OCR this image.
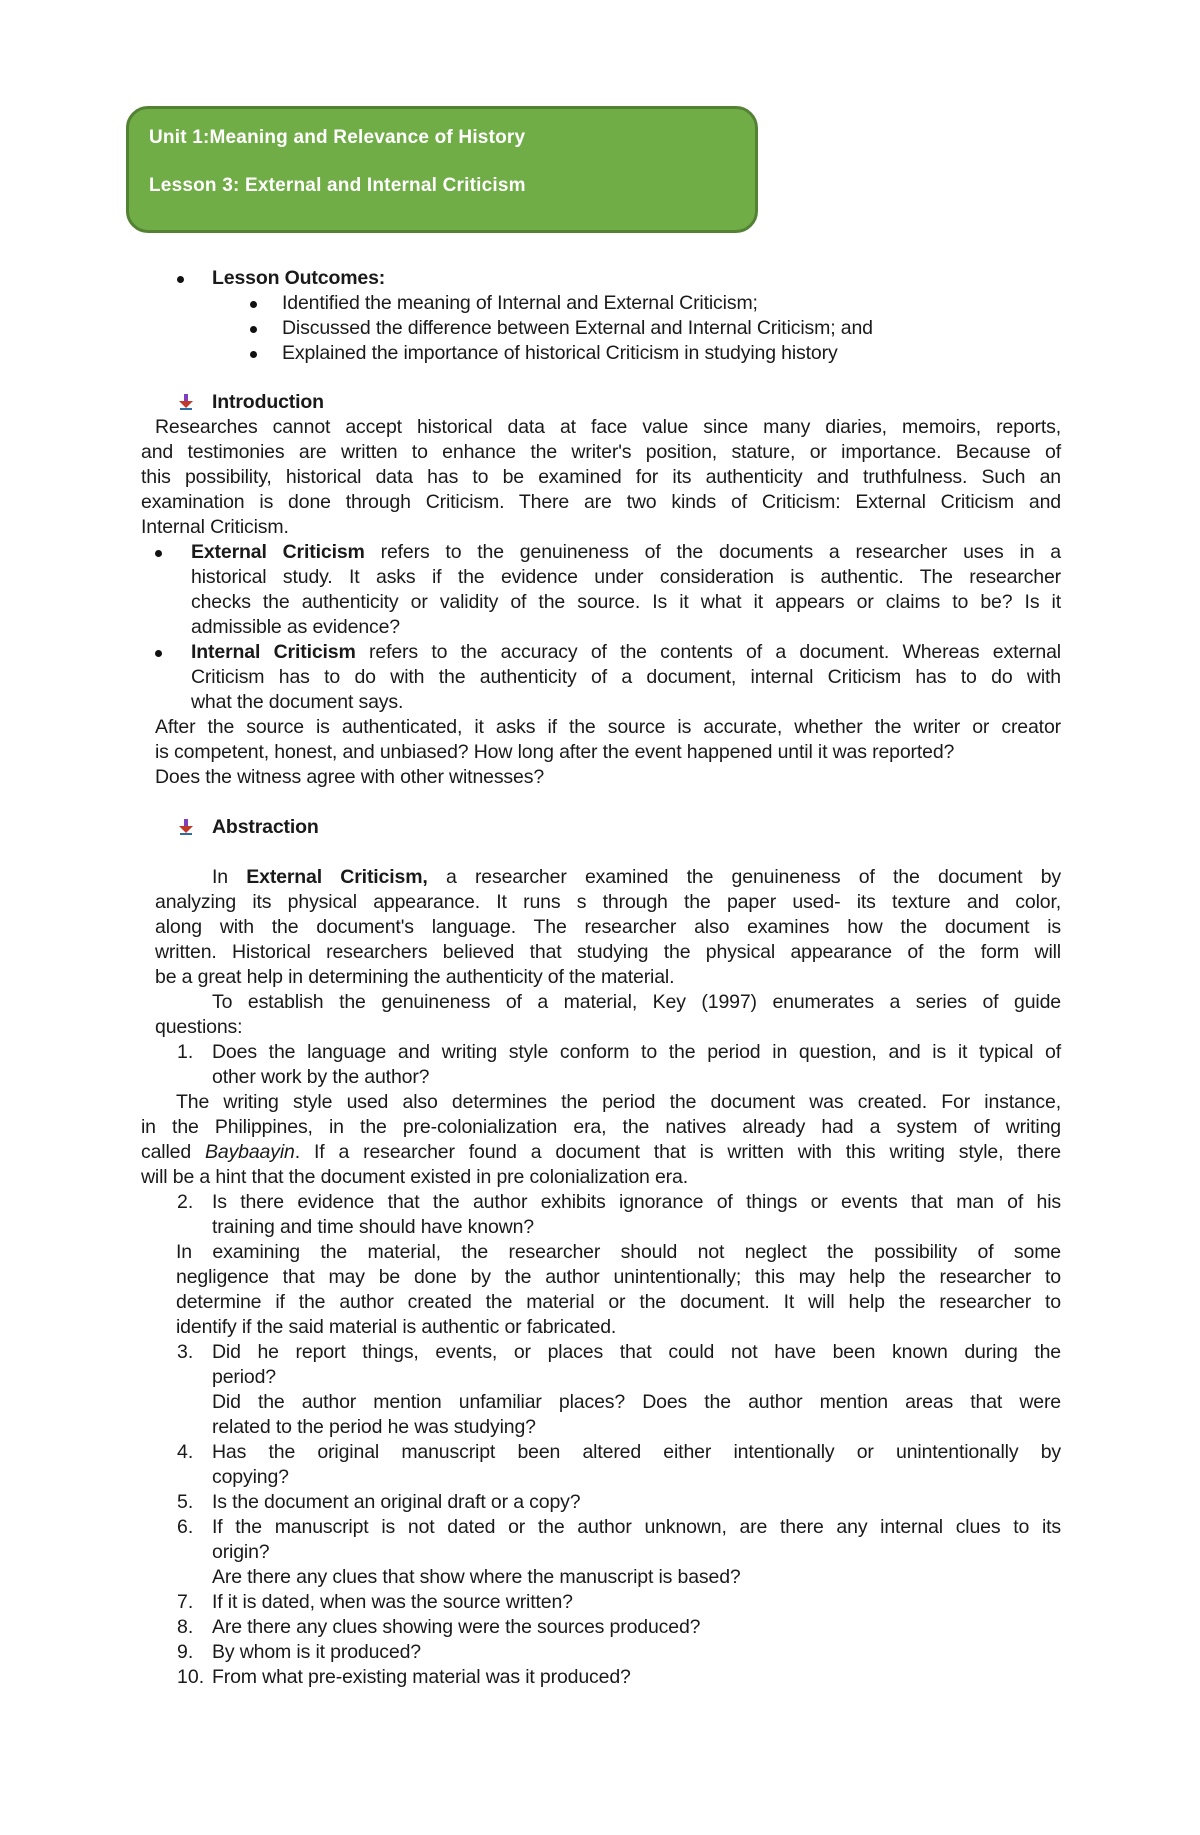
Unit 1:Meaning and Relevance of History
Lesson 3: External and Internal Criticism
Lesson Outcomes:
Identified the meaning of Internal and External Criticism;
Discussed the difference between External and Internal Criticism; and
Explained the importance of historical Criticism in studying history
Introduction
Researches cannot accept historical data at face value since many diaries, memoirs, reports,
and testimonies are written to enhance the writer's position, stature, or importance. Because of
this possibility, historical data has to be examined for its authenticity and truthfulness. Such an
examination is done through Criticism. There are two kinds of Criticism: External Criticism and
Internal Criticism.
External Criticism refers to the genuineness of the documents a researcher uses in a
historical study. It asks if the evidence under consideration is authentic. The researcher
checks the authenticity or validity of the source. Is it what it appears or claims to be? Is it
admissible as evidence?
Internal Criticism refers to the accuracy of the contents of a document. Whereas external
Criticism has to do with the authenticity of a document, internal Criticism has to do with
what the document says.
After the source is authenticated, it asks if the source is accurate, whether the writer or creator
is competent, honest, and unbiased? How long after the event happened until it was reported?
Does the witness agree with other witnesses?
Abstraction
In External Criticism, a researcher examined the genuineness of the document by
analyzing its physical appearance. It runs s through the paper used- its texture and color,
along with the document's language. The researcher also examines how the document is
written. Historical researchers believed that studying the physical appearance of the form will
be a great help in determining the authenticity of the material.
To establish the genuineness of a material, Key (1997) enumerates a series of guide
questions:
1. Does the language and writing style conform to the period in question, and is it typical of
other work by the author?
The writing style used also determines the period the document was created. For instance,
in the Philippines, in the pre-colonialization era, the natives already had a system of writing
called Baybaayin. If a researcher found a document that is written with this writing style, there
will be a hint that the document existed in pre colonialization era.
2. Is there evidence that the author exhibits ignorance of things or events that man of his
training and time should have known?
In examining the material, the researcher should not neglect the possibility of some
negligence that may be done by the author unintentionally; this may help the researcher to
determine if the author created the material or the document. It will help the researcher to
identify if the said material is authentic or fabricated.
3. Did he report things, events, or places that could not have been known during the
period?
Did the author mention unfamiliar places? Does the author mention areas that were
related to the period he was studying?
4. Has the original manuscript been altered either intentionally or unintentionally by
copying?
5. Is the document an original draft or a copy?
6. If the manuscript is not dated or the author unknown, are there any internal clues to its
origin?
Are there any clues that show where the manuscript is based?
7. If it is dated, when was the source written?
8. Are there any clues showing were the sources produced?
9. By whom is it produced?
10. From what pre-existing material was it produced?
